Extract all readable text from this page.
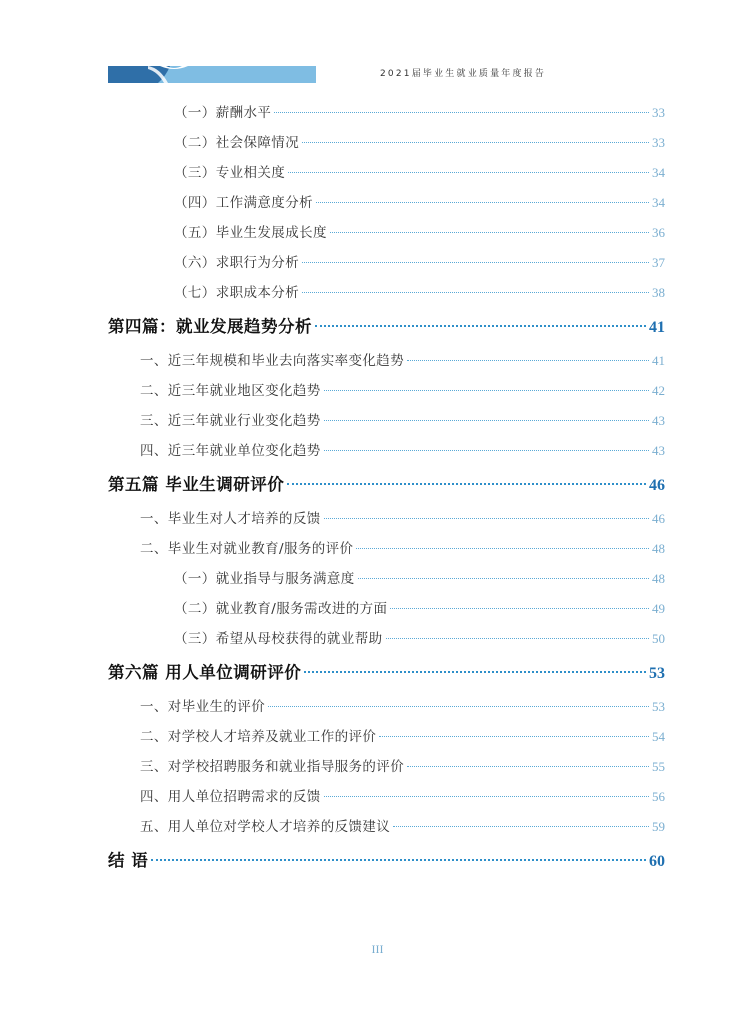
2021届毕业生就业质量年度报告
（一）薪酬水平	33
（二）社会保障情况	33
（三）专业相关度	34
（四）工作满意度分析	34
（五）毕业生发展成长度	36
（六）求职行为分析	37
（七）求职成本分析	38
第四篇：就业发展趋势分析	41
一、近三年规模和毕业去向落实率变化趋势	41
二、近三年就业地区变化趋势	42
三、近三年就业行业变化趋势	43
四、近三年就业单位变化趋势	43
第五篇 毕业生调研评价	46
一、毕业生对人才培养的反馈	46
二、毕业生对就业教育/服务的评价	48
（一）就业指导与服务满意度	48
（二）就业教育/服务需改进的方面	49
（三）希望从母校获得的就业帮助	50
第六篇 用人单位调研评价	53
一、对毕业生的评价	53
二、对学校人才培养及就业工作的评价	54
三、对学校招聘服务和就业指导服务的评价	55
四、用人单位招聘需求的反馈	56
五、用人单位对学校人才培养的反馈建议	59
结 语	60
III
